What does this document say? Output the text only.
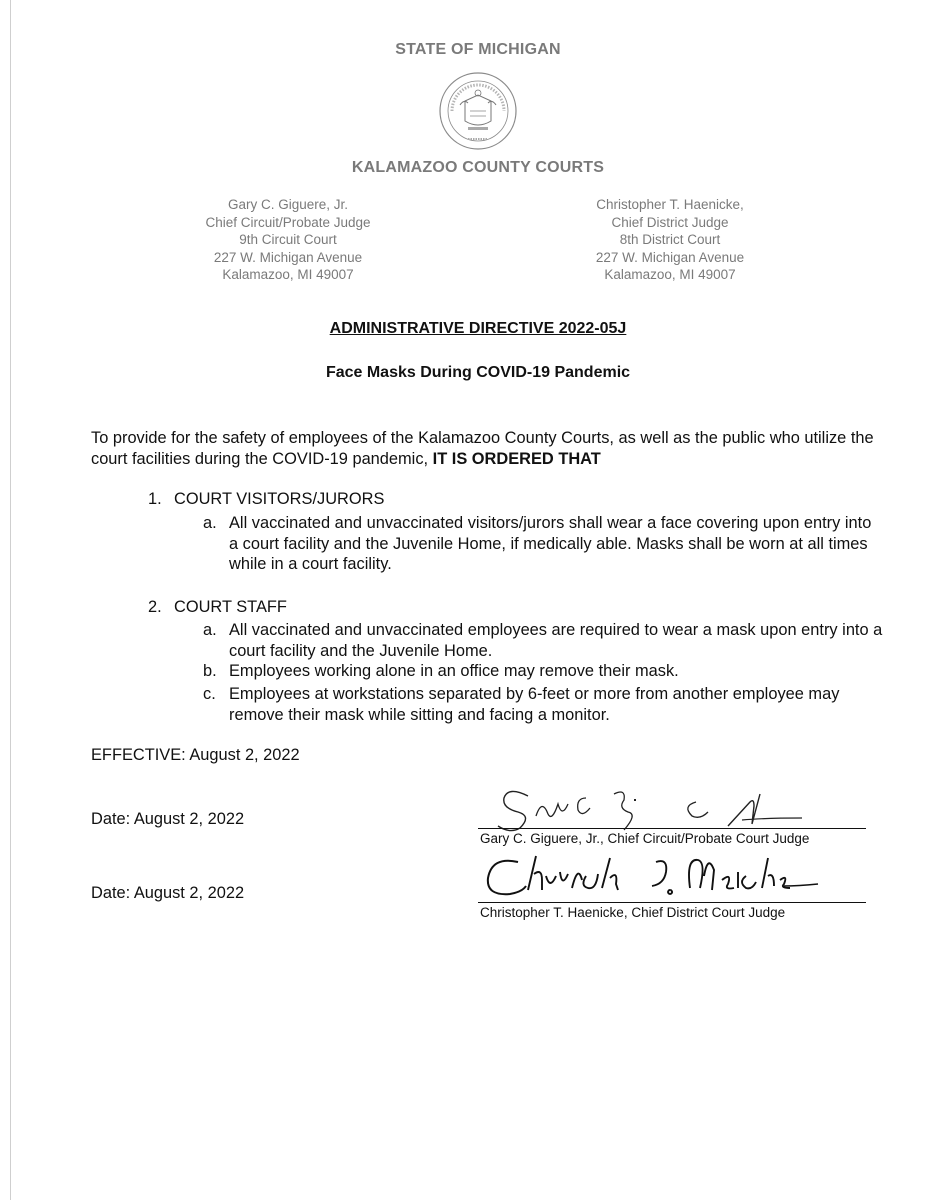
STATE OF MICHIGAN
KALAMAZOO COUNTY COURTS
Gary C. Giguere, Jr.
Chief Circuit/Probate Judge
9th Circuit Court
227 W. Michigan Avenue
Kalamazoo, MI 49007
Christopher T. Haenicke,
Chief District Judge
8th District Court
227 W. Michigan Avenue
Kalamazoo, MI 49007
ADMINISTRATIVE DIRECTIVE 2022-05J
Face Masks During COVID-19 Pandemic
To provide for the safety of employees of the Kalamazoo County Courts, as well as the public who utilize the court facilities during the COVID-19 pandemic, IT IS ORDERED THAT
1. COURT VISITORS/JURORS
a. All vaccinated and unvaccinated visitors/jurors shall wear a face covering upon entry into a court facility and the Juvenile Home, if medically able. Masks shall be worn at all times while in a court facility.
2. COURT STAFF
a. All vaccinated and unvaccinated employees are required to wear a mask upon entry into a court facility and the Juvenile Home.
b. Employees working alone in an office may remove their mask.
c. Employees at workstations separated by 6-feet or more from another employee may remove their mask while sitting and facing a monitor.
EFFECTIVE: August 2, 2022
Date: August 2, 2022
Gary C. Giguere, Jr., Chief Circuit/Probate Court Judge
Date: August 2, 2022
Christopher T. Haenicke, Chief District Court Judge
